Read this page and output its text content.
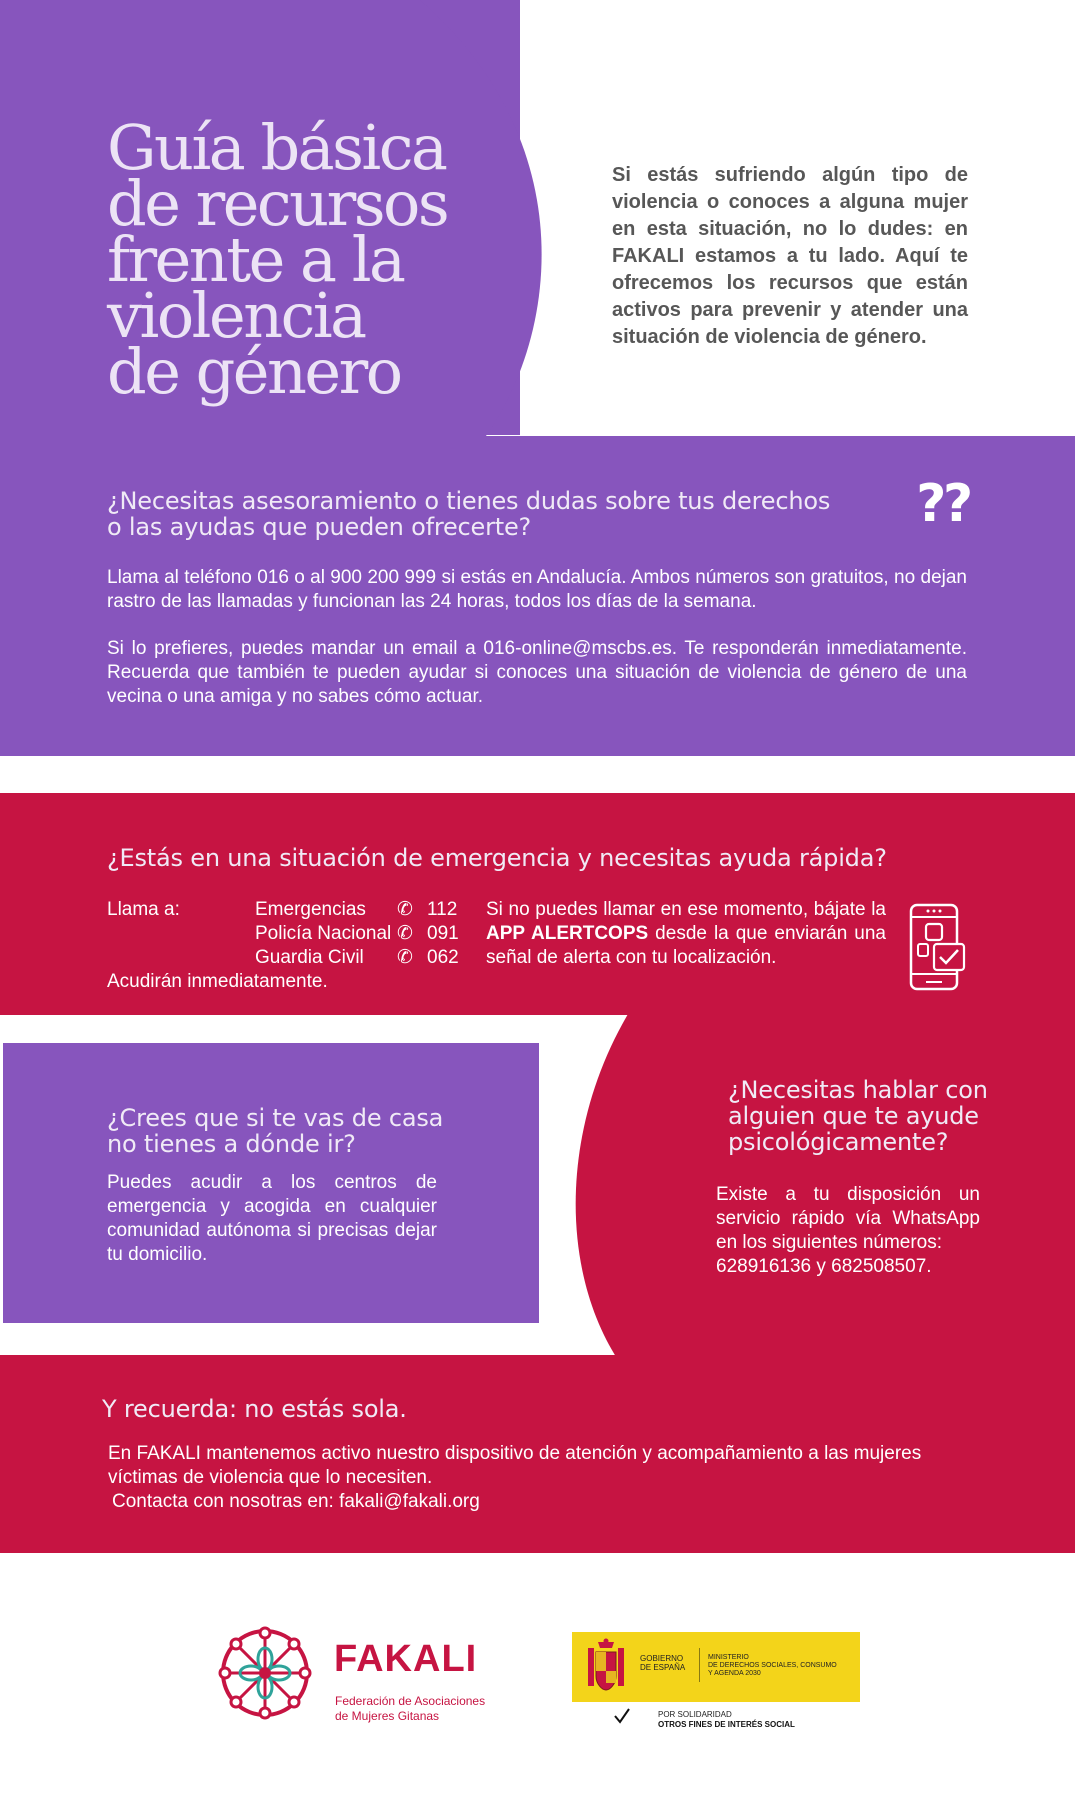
Guía básica
de recursos
frente a la
violencia
de género

Si estás sufriendo algún tipo de violencia o conoces a alguna mujer en esta situación, no lo dudes: en FAKALI estamos a tu lado. Aquí te ofrecemos los recursos que están activos para prevenir y atender una situación de violencia de género.

¿Necesitas asesoramiento o tienes dudas sobre tus derechos o las ayudas que pueden ofrecerte?	⁇

Llama al teléfono 016 o al 900 200 999 si estás en Andalucía. Ambos números son gratuitos, no dejan rastro de las llamadas y funcionan las 24 horas, todos los días de la semana.

Si lo prefieres, puedes mandar un email a 016-online@mscbs.es. Te responderán inmediatamente. Recuerda que también te pueden ayudar si conoces una situación de violencia de género de una vecina o una amiga y no sabes cómo actuar.

¿Estás en una situación de emergencia y necesitas ayuda rápida?
Llama a:	Emergencias ✆ 112
Policía Nacional ✆ 091
Guardia Civil ✆ 062
Acudirán inmediatamente.

Si no puedes llamar en ese momento, bájate la APP ALERTCOPS desde la que enviarán una señal de alerta con tu localización.

¿Crees que si te vas de casa no tienes a dónde ir?

Puedes acudir a los centros de emergencia y acogida en cualquier comunidad autónoma si precisas dejar tu domicilio.

¿Necesitas hablar con alguien que te ayude psicológicamente?

Existe a tu disposición un servicio rápido vía WhatsApp en los siguientes números:

628916136 y 682508507.
Y recuerda: no estás sola.

En FAKALI mantenemos activo nuestro dispositivo de atención y acompañamiento a las mujeres víctimas de violencia que lo necesiten.

Contacta con nosotras en: fakali@fakali.org
FAKALI
Federación de Asociaciones
de Mujeres Gitanas
GOBIERNO
DE ESPAÑA
MINISTERIO
DE DERECHOS SOCIALES, CONSUMO
Y AGENDA 2030
POR SOLIDARIDAD
OTROS FINES DE INTERÉS SOCIAL
